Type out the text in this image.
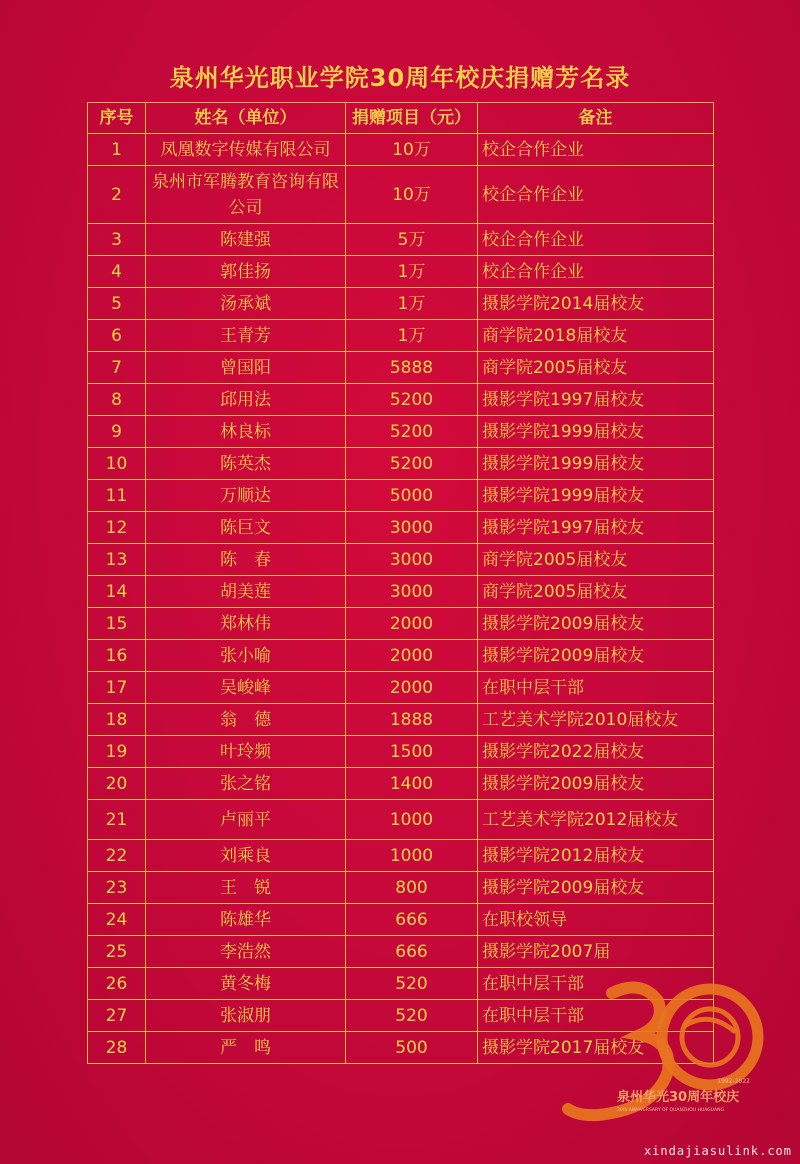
泉州华光职业学院30周年校庆捐赠芳名录
序号	姓名（单位）	捐赠项目（元）	备注
1	凤凰数字传媒有限公司	10万	校企合作企业
2	泉州市军腾教育咨询有限公司	10万	校企合作企业
3	陈建强	5万	校企合作企业
4	郭佳扬	1万	校企合作企业
5	汤承斌	1万	摄影学院2014届校友
6	王青芳	1万	商学院2018届校友
7	曾国阳	5888	商学院2005届校友
8	邱用法	5200	摄影学院1997届校友
9	林良标	5200	摄影学院1999届校友
10	陈英杰	5200	摄影学院1999届校友
11	万顺达	5000	摄影学院1999届校友
12	陈巨文	3000	摄影学院1997届校友
13	陈　春	3000	商学院2005届校友
14	胡美莲	3000	商学院2005届校友
15	郑林伟	2000	摄影学院2009届校友
16	张小喻	2000	摄影学院2009届校友
17	吴峻峰	2000	在职中层干部
18	翁　德	1888	工艺美术学院2010届校友
19	叶玲频	1500	摄影学院2022届校友
20	张之铭	1400	摄影学院2009届校友
21	卢丽平	1000	工艺美术学院2012届校友
22	刘乘良	1000	摄影学院2012届校友
23	王　锐	800	摄影学院2009届校友
24	陈雄华	666	在职校领导
25	李浩然	666	摄影学院2007届
26	黄冬梅	520	在职中层干部
27	张淑朋	520	在职中层干部
28	严　鸣	500	摄影学院2017届校友
1992-2022
泉州华光30周年校庆
30th ANNIVERSARY OF QUANZHOU HUAGUANG
xindajiasulink.com
